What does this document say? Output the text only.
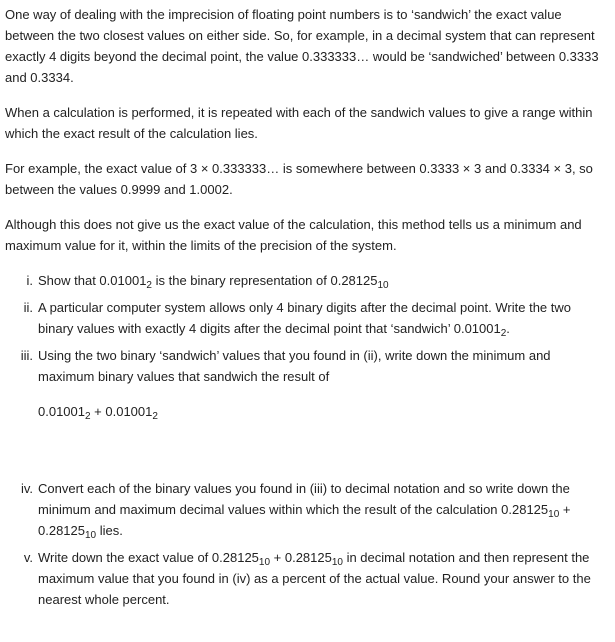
One way of dealing with the imprecision of floating point numbers is to ‘sandwich’ the exact value between the two closest values on either side. So, for example, in a decimal system that can represent exactly 4 digits beyond the decimal point, the value 0.333333… would be ‘sandwiched’ between 0.3333 and 0.3334.

When a calculation is performed, it is repeated with each of the sandwich values to give a range within which the exact result of the calculation lies.

For example, the exact value of 3 × 0.333333… is somewhere between 0.3333 × 3 and 0.3334 × 3, so between the values 0.9999 and 1.0002.

Although this does not give us the exact value of the calculation, this method tells us a minimum and maximum value for it, within the limits of the precision of the system.

i. Show that $0.01001_2$ is the binary representation of $0.28125_{10}$
ii. A particular computer system allows only 4 binary digits after the decimal point. Write the two binary values with exactly 4 digits after the decimal point that ‘sandwich’ $0.01001_2$.
iii. Using the two binary ‘sandwich’ values that you found in (ii), write down the minimum and maximum binary values that sandwich the result of
$0.01001_2 + 0.01001_2$
iv. Convert each of the binary values you found in (iii) to decimal notation and so write down the minimum and maximum decimal values within which the result of the calculation $0.28125_{10} + 0.28125_{10}$ lies.
v. Write down the exact value of $0.28125_{10} + 0.28125_{10}$ in decimal notation and then represent the maximum value that you found in (iv) as a percent of the actual value. Round your answer to the nearest whole percent.
